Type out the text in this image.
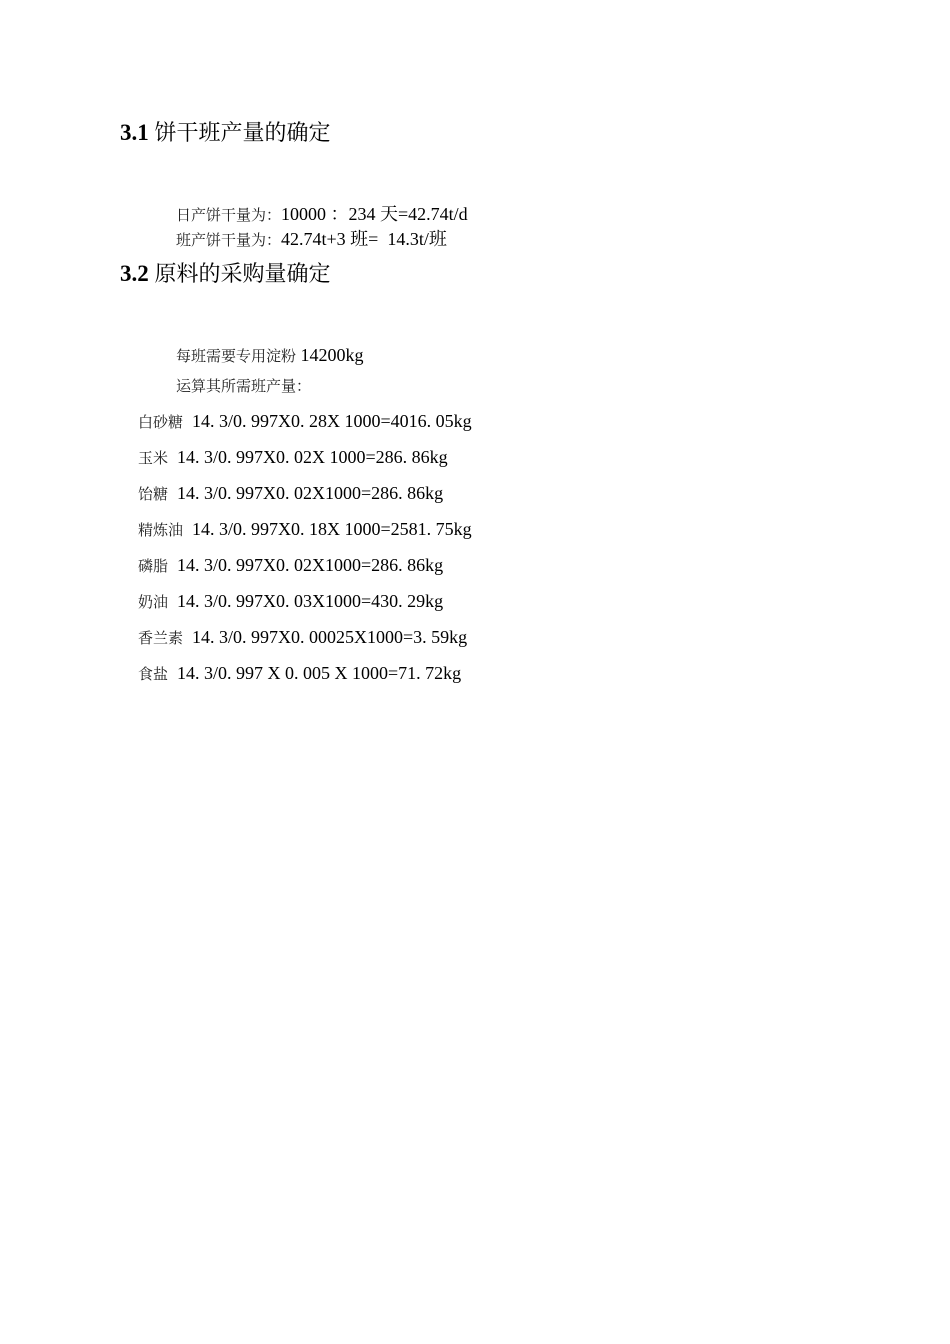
3.1 饼干班产量的确定

日产饼干量为：10000 ：234 天=42.74t/d

班产饼干量为：42.74t+3 班=  14.3t/班

3.2 原料的采购量确定

每班需要专用淀粉 14200kg

运算其所需班产量：

白砂糖  14. 3/0. 997X0. 28X 1000=4016. 05kg

玉米  14. 3/0. 997X0. 02X 1000=286. 86kg

饴糖  14. 3/0. 997X0. 02X1000=286. 86kg

精炼油  14. 3/0. 997X0. 18X 1000=2581. 75kg

磷脂  14. 3/0. 997X0. 02X1000=286. 86kg

奶油  14. 3/0. 997X0. 03X1000=430. 29kg

香兰素  14. 3/0. 997X0. 00025X1000=3. 59kg

食盐  14. 3/0. 997 X 0. 005 X 1000=71. 72kg
